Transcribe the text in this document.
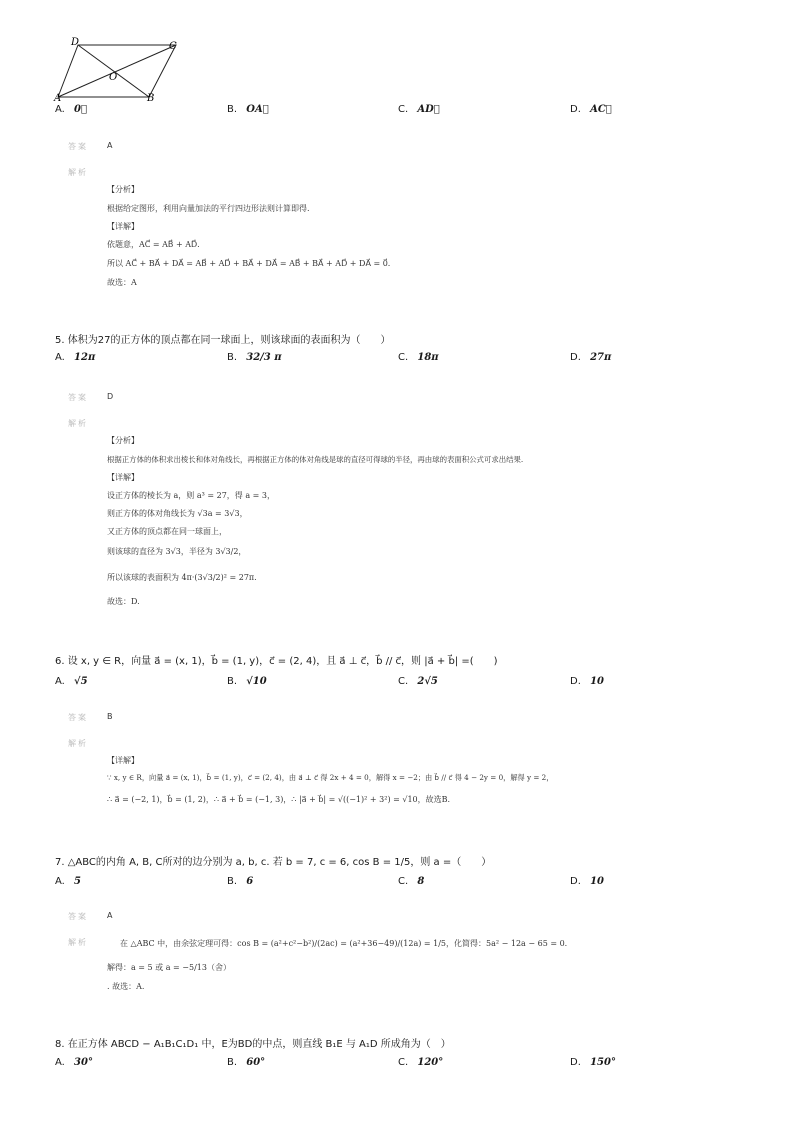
D	C
O
A	B
A. 0⃗	B. OA⃗	C. AD⃗	D. AC⃗
答案 A
解析
【分析】
根据给定图形，利用向量加法的平行四边形法则计算即得.
【详解】
依题意，AC⃗ = AB⃗ + AD⃗.
所以 AC⃗ + BA⃗ + DA⃗ = AB⃗ + AD⃗ + BA⃗ + DA⃗ = AB⃗ + BA⃗ + AD⃗ + DA⃗ = 0⃗.
故选：A
5. 体积为27的正方体的顶点都在同一球面上，则该球面的表面积为（　　）
A. 12π	B. 32/3 π	C. 18π	D. 27π
答案 D
解析
【分析】
根据正方体的体积求出棱长和体对角线长，再根据正方体的体对角线是球的直径可得球的半径，再由球的表面积公式可求出结果.
【详解】
设正方体的棱长为 a，则 a³ = 27，得 a = 3，
则正方体的体对角线长为 √3a = 3√3，
又正方体的顶点都在同一球面上，
则该球的直径为 3√3，半径为 3√3/2，
所以该球的表面积为 4π·(3√3/2)² = 27π.
故选：D.
6. 设 x, y ∈ R，向量 a⃗ = (x, 1)，b⃗ = (1, y)，c⃗ = (2, 4)，且 a⃗ ⊥ c⃗，b⃗ // c⃗，则 |a⃗ + b⃗| =(　　)
A. √5	B. √10	C. 2√5	D. 10
答案 B
解析
【详解】
∵ x, y ∈ R，向量 a⃗ = (x, 1)，b⃗ = (1, y)，c⃗ = (2, 4)，由 a⃗ ⊥ c⃗ 得 2x + 4 = 0，解得 x = −2；由 b⃗ // c⃗ 得 4 − 2y = 0，解得 y = 2，
∴ a⃗ = (−2, 1)，b⃗ = (1, 2)，∴ a⃗ + b⃗ = (−1, 3)，∴ |a⃗ + b⃗| = √((−1)² + 3²) = √10，故选B.
7. △ABC的内角 A, B, C所对的边分别为 a, b, c. 若 b = 7, c = 6, cos B = 1/5，则 a =（　　）
A. 5	B. 6	C. 8	D. 10
答案 A
解析	在 △ABC 中，由余弦定理可得：cos B = (a²+c²−b²)/(2ac) = (a²+36−49)/(12a) = 1/5，化简得：5a² − 12a − 65 = 0.
解得：a = 5 或 a = −5/13（舍）
. 故选：A.
8. 在正方体 ABCD − A₁B₁C₁D₁ 中，E为BD的中点，则直线 B₁E 与 A₁D 所成角为（　）
A. 30°	B. 60°	C. 120°	D. 150°
